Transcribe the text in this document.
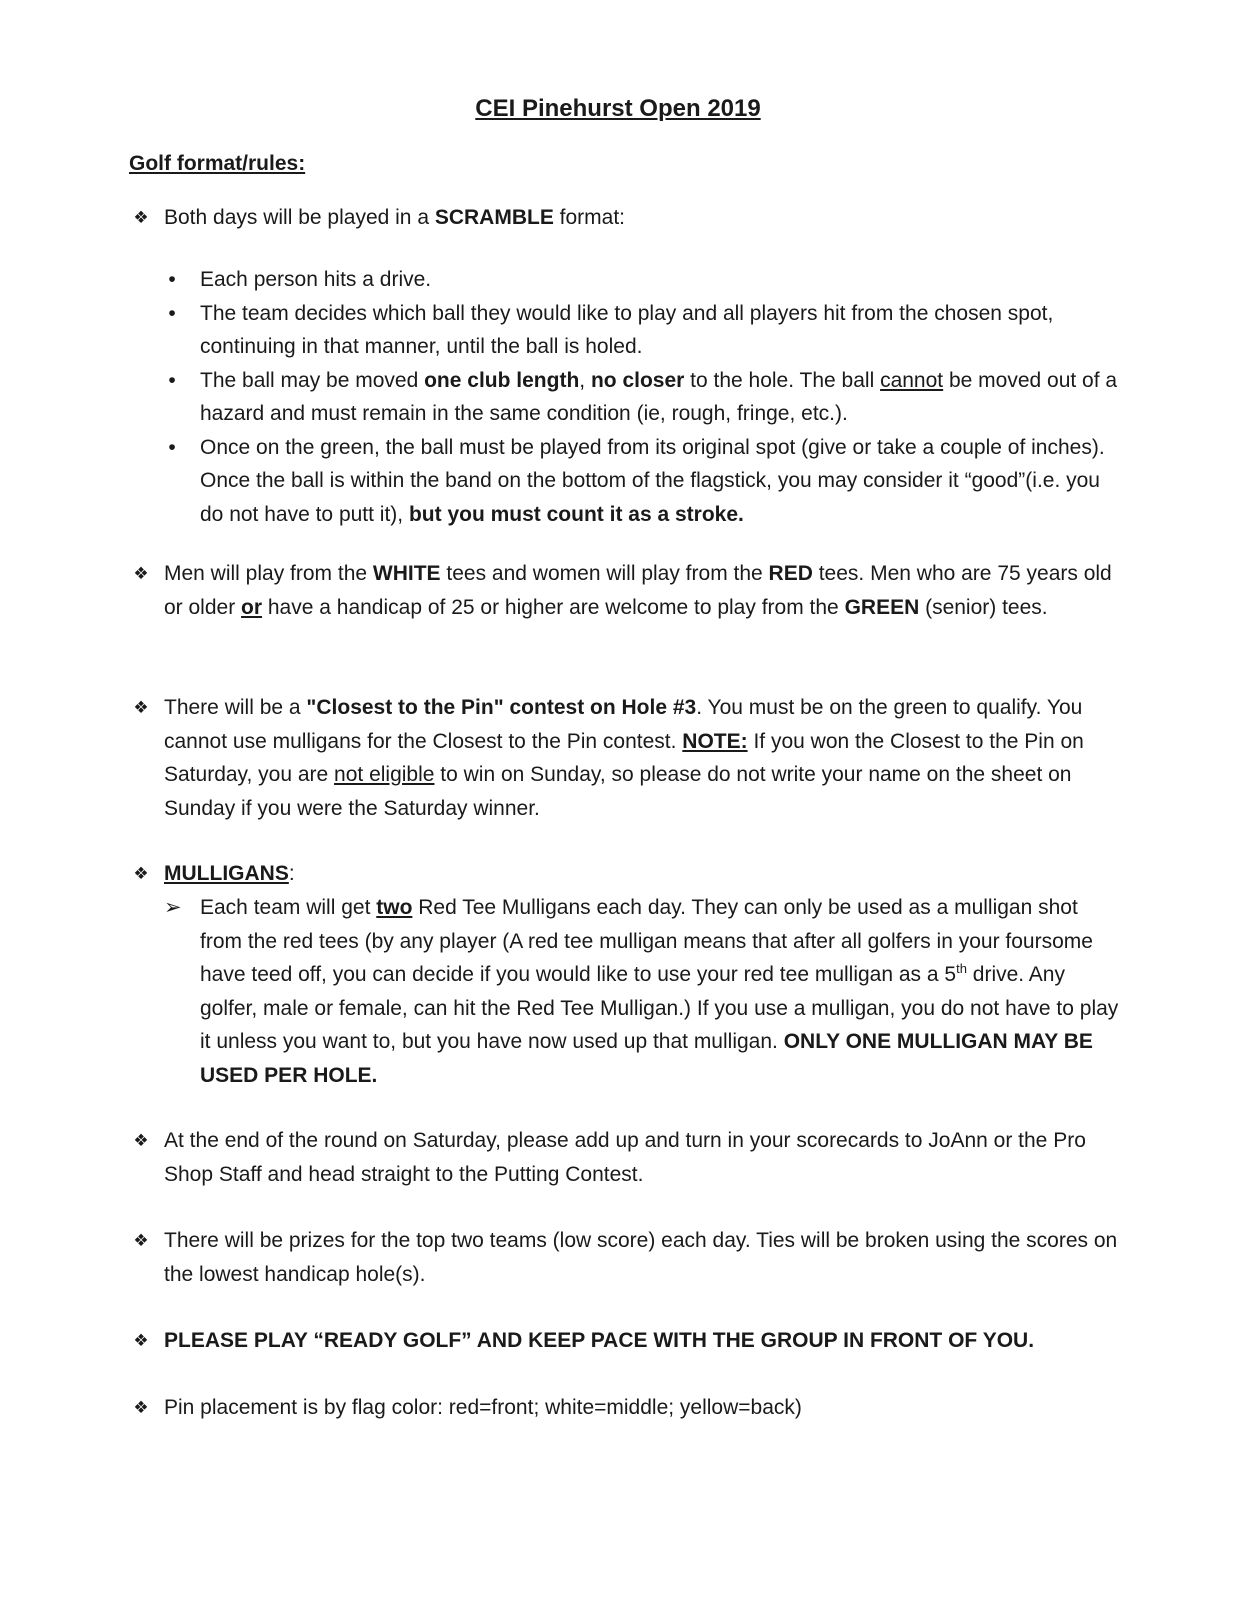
CEI Pinehurst Open 2019
Golf format/rules:
❖ Both days will be played in a SCRAMBLE format:

• Each person hits a drive.
• The team decides which ball they would like to play and all players hit from the chosen spot, continuing in that manner, until the ball is holed.
• The ball may be moved one club length, no closer to the hole. The ball cannot be moved out of a hazard and must remain in the same condition (ie, rough, fringe, etc.).
• Once on the green, the ball must be played from its original spot (give or take a couple of inches). Once the ball is within the band on the bottom of the flagstick, you may consider it “good”(i.e. you do not have to putt it), but you must count it as a stroke.
❖ Men will play from the WHITE tees and women will play from the RED tees. Men who are 75 years old or older or have a handicap of 25 or higher are welcome to play from the GREEN (senior) tees.

❖ There will be a "Closest to the Pin" contest on Hole #3. You must be on the green to qualify. You cannot use mulligans for the Closest to the Pin contest. NOTE: If you won the Closest to the Pin on Saturday, you are not eligible to win on Sunday, so please do not write your name on the sheet on Sunday if you were the Saturday winner.

❖ MULLIGANS:

➢ Each team will get two Red Tee Mulligans each day. They can only be used as a mulligan shot from the red tees (by any player (A red tee mulligan means that after all golfers in your foursome have teed off, you can decide if you would like to use your red tee mulligan as a 5th drive. Any golfer, male or female, can hit the Red Tee Mulligan.) If you use a mulligan, you do not have to play it unless you want to, but you have now used up that mulligan. ONLY ONE MULLIGAN MAY BE USED PER HOLE.

❖ At the end of the round on Saturday, please add up and turn in your scorecards to JoAnn or the Pro Shop Staff and head straight to the Putting Contest.

❖ There will be prizes for the top two teams (low score) each day. Ties will be broken using the scores on the lowest handicap hole(s).

❖ PLEASE PLAY “READY GOLF” AND KEEP PACE WITH THE GROUP IN FRONT OF YOU.

❖ Pin placement is by flag color: red=front; white=middle; yellow=back)
